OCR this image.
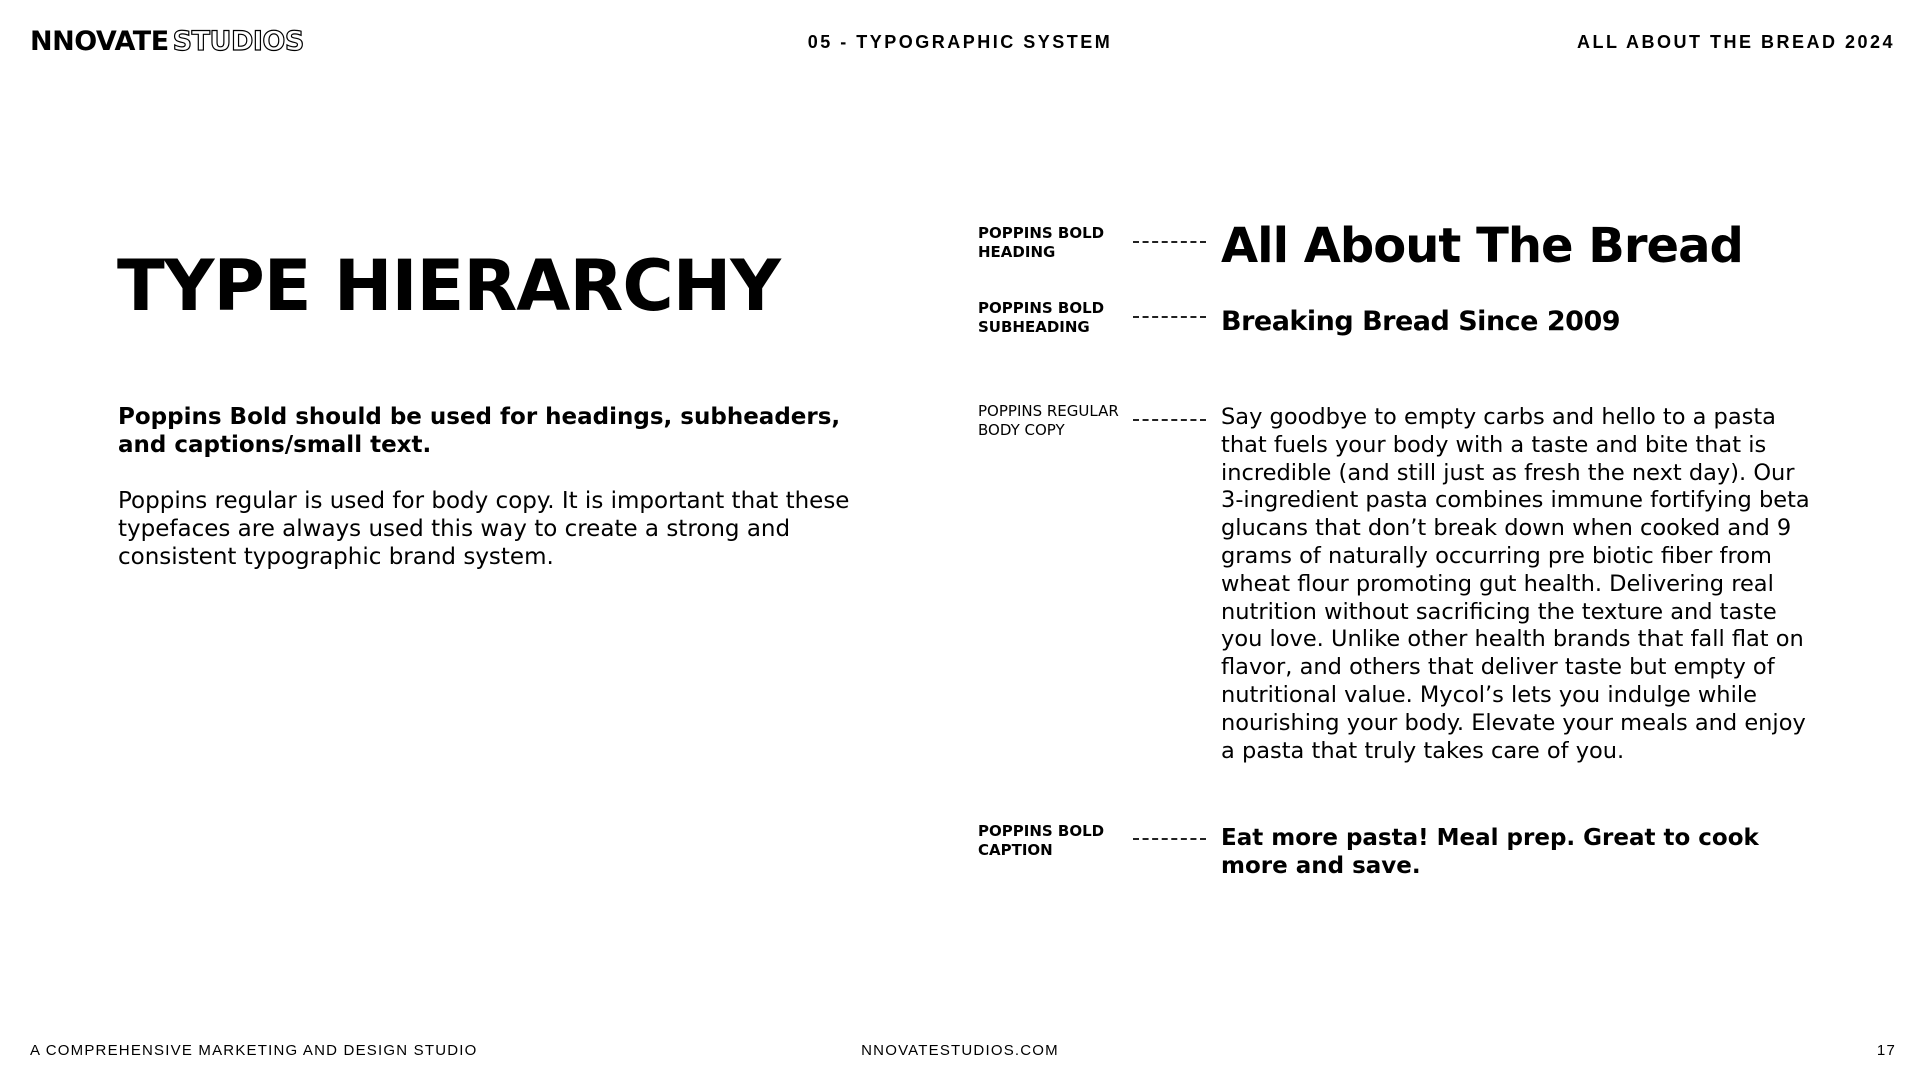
NNOVATE STUDIOS	05 - TYPOGRAPHIC SYSTEM	ALL ABOUT THE BREAD 2024
TYPE HIERARCHY

Poppins Bold should be used for headings, subheaders, and captions/small text.

Poppins regular is used for body copy. It is important that these typefaces are always used this way to create a strong and consistent typographic brand system.

POPPINS BOLD
HEADING	All About The Bread
POPPINS BOLD
SUBHEADING	Breaking Bread Since 2009
POPPINS REGULAR
BODY COPY	Say goodbye to empty carbs and hello to a pasta that fuels your body with a taste and bite that is incredible (and still just as fresh the next day). Our 3-ingredient pasta combines immune fortifying beta glucans that don’t break down when cooked and 9 grams of naturally occurring pre biotic fiber from wheat flour promoting gut health. Delivering real nutrition without sacrificing the texture and taste you love. Unlike other health brands that fall flat on flavor, and others that deliver taste but empty of nutritional value. Mycol’s lets you indulge while nourishing your body. Elevate your meals and enjoy a pasta that truly takes care of you.

POPPINS BOLD
CAPTION	Eat more pasta! Meal prep. Great to cook more and save.

A COMPREHENSIVE MARKETING AND DESIGN STUDIO	NNOVATESTUDIOS.COM	17
